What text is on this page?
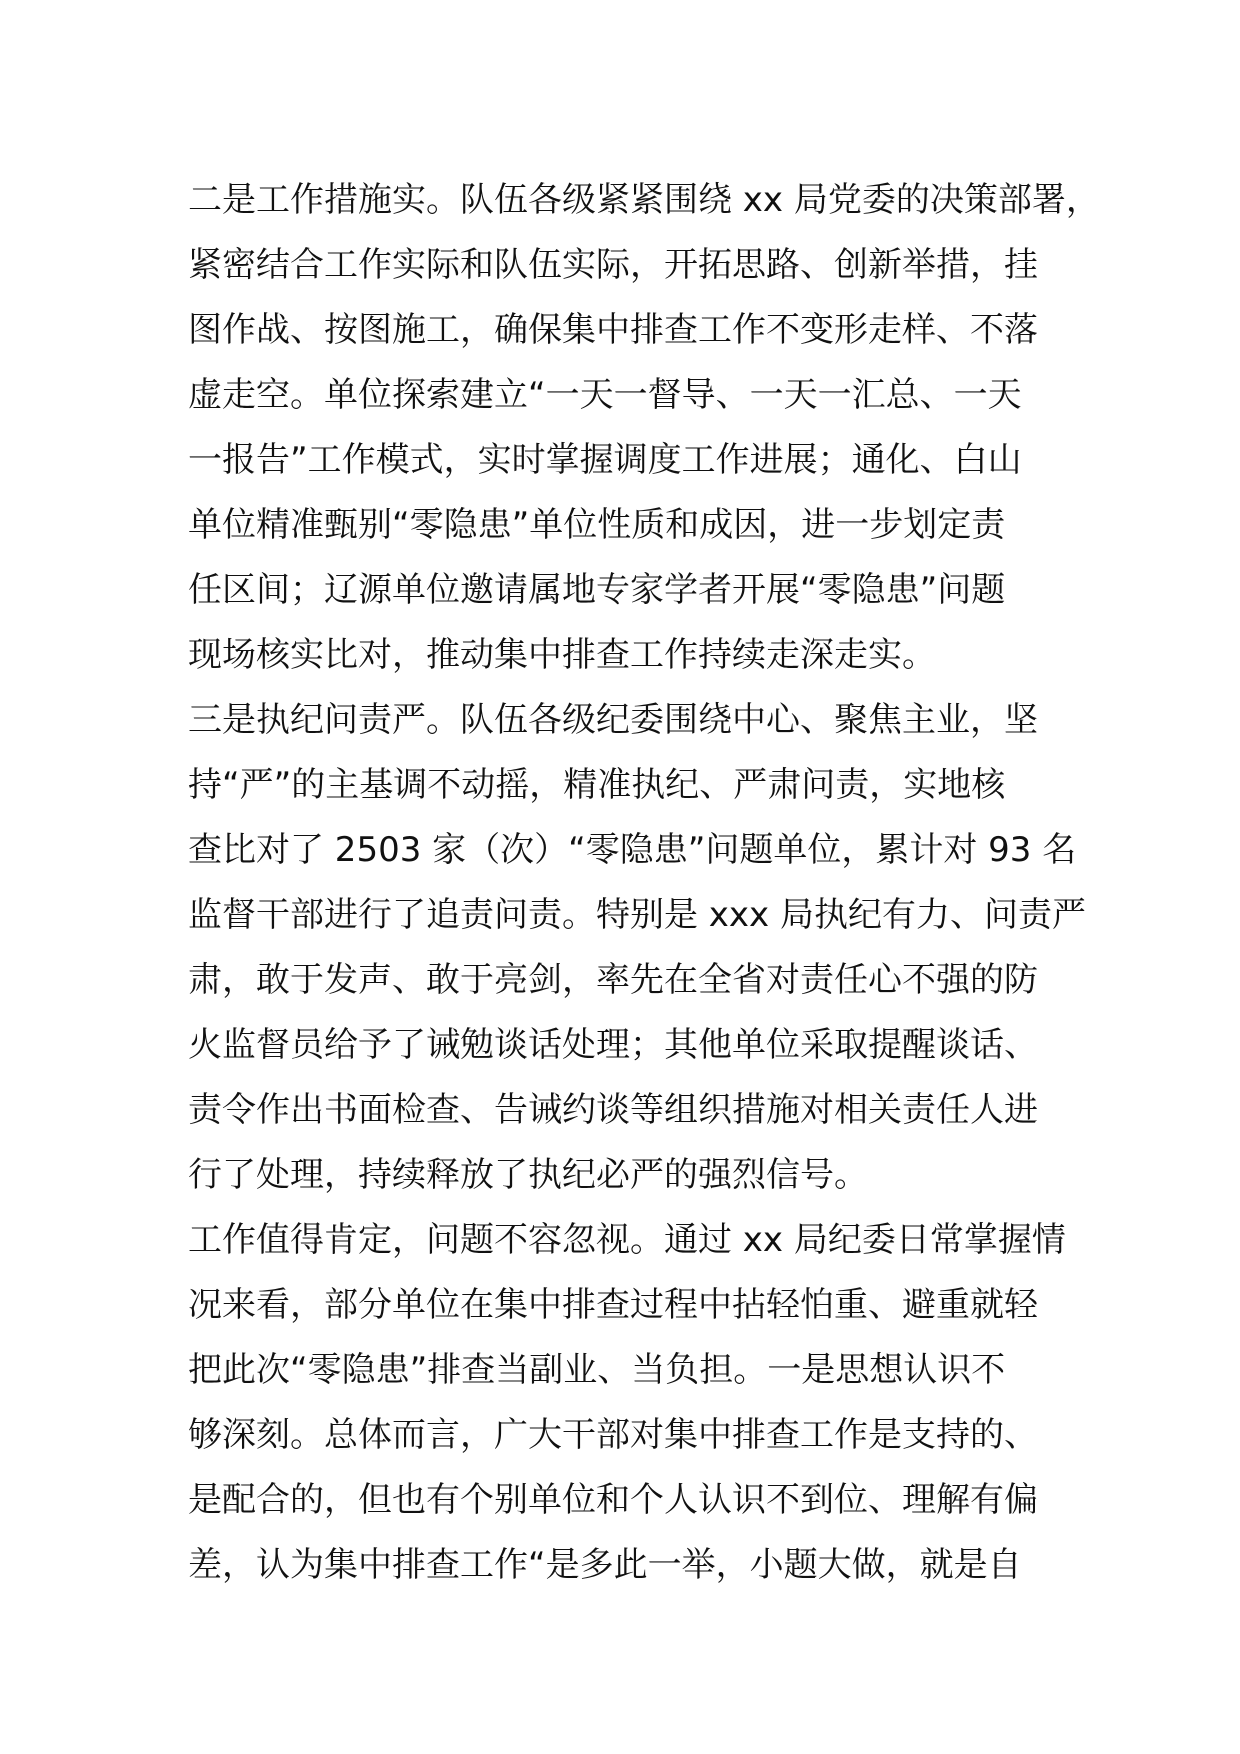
二是工作措施实。队伍各级紧紧围绕 xx 局党委的决策部署，
紧密结合工作实际和队伍实际，开拓思路、创新举措，挂
图作战、按图施工，确保集中排查工作不变形走样、不落
虚走空。单位探索建立“一天一督导、一天一汇总、一天
一报告”工作模式，实时掌握调度工作进展；通化、白山
单位精准甄别“零隐患”单位性质和成因，进一步划定责
任区间；辽源单位邀请属地专家学者开展“零隐患”问题
现场核实比对，推动集中排查工作持续走深走实。
三是执纪问责严。队伍各级纪委围绕中心、聚焦主业，坚
持“严”的主基调不动摇，精准执纪、严肃问责，实地核
查比对了 2503 家（次）“零隐患”问题单位，累计对 93 名
监督干部进行了追责问责。特别是 xxx 局执纪有力、问责严
肃，敢于发声、敢于亮剑，率先在全省对责任心不强的防
火监督员给予了诫勉谈话处理；其他单位采取提醒谈话、
责令作出书面检查、告诫约谈等组织措施对相关责任人进
行了处理，持续释放了执纪必严的强烈信号。
工作值得肯定，问题不容忽视。通过 xx 局纪委日常掌握情
况来看，部分单位在集中排查过程中拈轻怕重、避重就轻
把此次“零隐患”排查当副业、当负担。一是思想认识不
够深刻。总体而言，广大干部对集中排查工作是支持的、
是配合的，但也有个别单位和个人认识不到位、理解有偏
差，认为集中排查工作“是多此一举，小题大做，就是自
